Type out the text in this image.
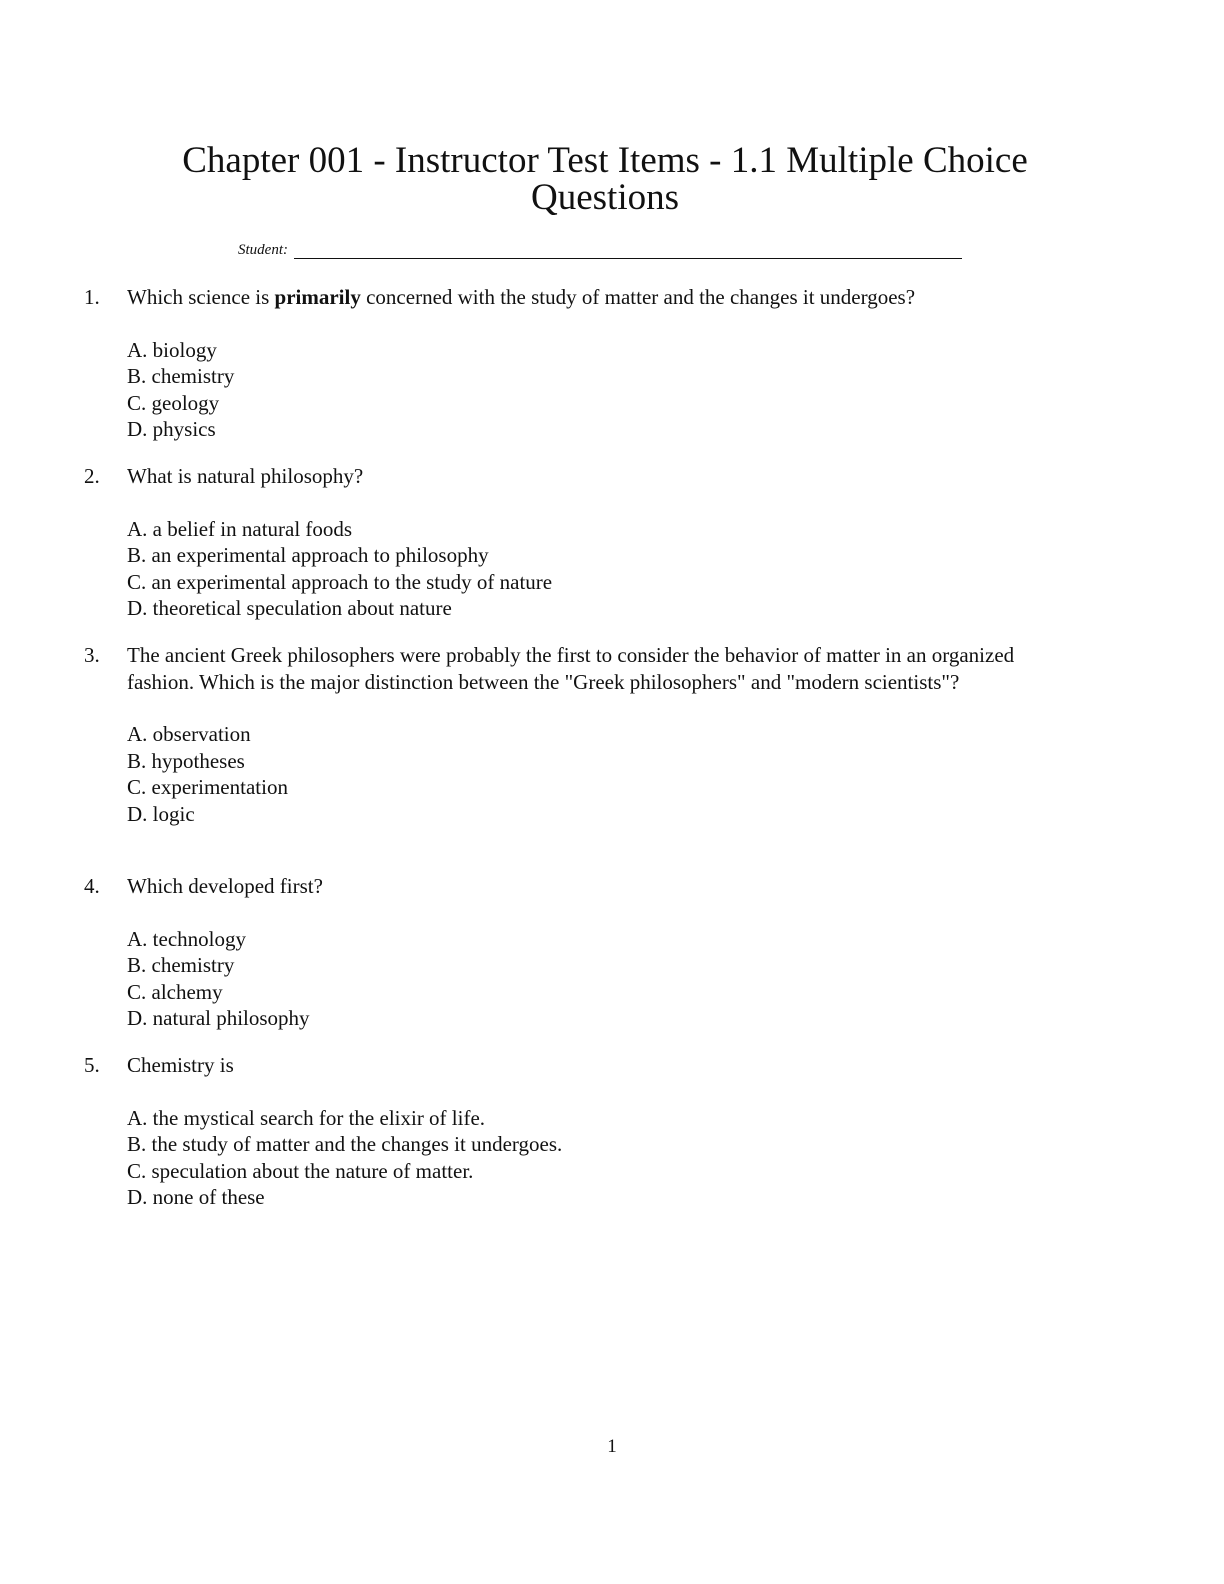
Chapter 001 - Instructor Test Items - 1.1 Multiple Choice Questions
Student:
1. Which science is primarily concerned with the study of matter and the changes it undergoes?
A. biology
B. chemistry
C. geology
D. physics
2. What is natural philosophy?
A. a belief in natural foods
B. an experimental approach to philosophy
C. an experimental approach to the study of nature
D. theoretical speculation about nature
3. The ancient Greek philosophers were probably the first to consider the behavior of matter in an organized fashion. Which is the major distinction between the "Greek philosophers" and "modern scientists"?
A. observation
B. hypotheses
C. experimentation
D. logic
4. Which developed first?
A. technology
B. chemistry
C. alchemy
D. natural philosophy
5. Chemistry is
A. the mystical search for the elixir of life.
B. the study of matter and the changes it undergoes.
C. speculation about the nature of matter.
D. none of these
1
